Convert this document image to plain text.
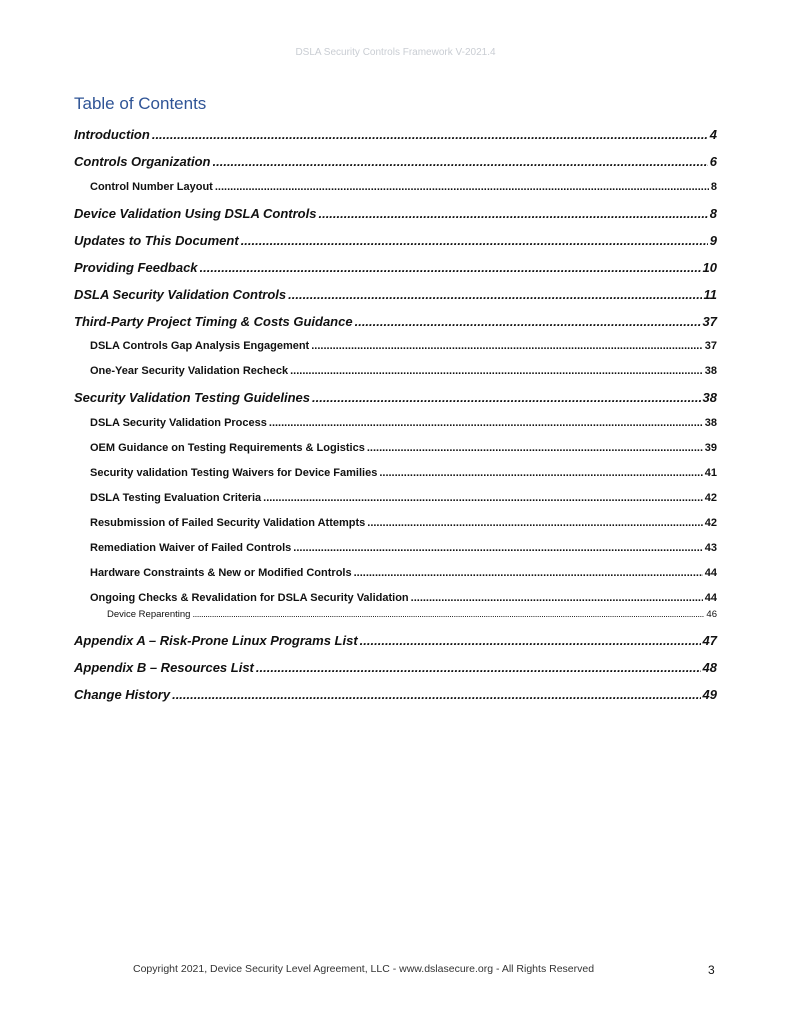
DSLA Security Controls Framework V-2021.4
Table of Contents
Introduction .....	4
Controls Organization .....	6
Control Number Layout .....	8
Device Validation Using DSLA Controls .....	8
Updates to This Document .....	9
Providing Feedback .....	10
DSLA Security Validation Controls .....	11
Third-Party Project Timing & Costs Guidance .....	37
DSLA Controls Gap Analysis Engagement .....	37
One-Year Security Validation Recheck .....	38
Security Validation Testing Guidelines .....	38
DSLA Security Validation Process .....	38
OEM Guidance on Testing Requirements & Logistics .....	39
Security validation Testing Waivers for Device Families .....	41
DSLA Testing Evaluation Criteria .....	42
Resubmission of Failed Security Validation Attempts .....	42
Remediation Waiver of Failed Controls .....	43
Hardware Constraints & New or Modified Controls .....	44
Ongoing Checks & Revalidation for DSLA Security Validation .....	44
Device Reparenting .....	46
Appendix A – Risk-Prone Linux Programs List .....	47
Appendix B – Resources List .....	48
Change History .....	49
Copyright 2021, Device Security Level Agreement, LLC - www.dslasecure.org - All Rights Reserved	3
